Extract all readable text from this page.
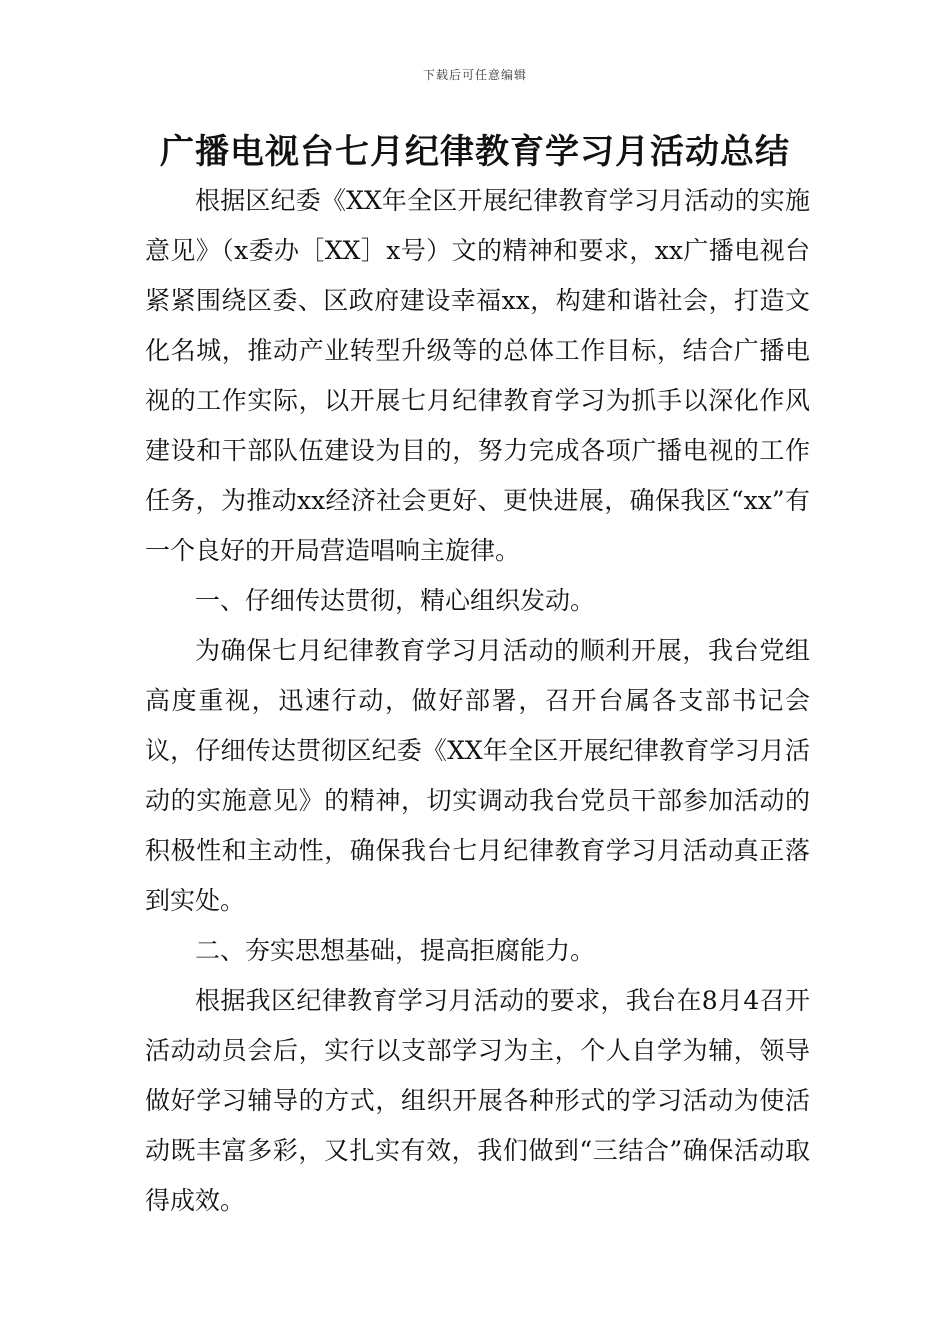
下载后可任意编辑
广播电视台七月纪律教育学习月活动总结

根据区纪委《XX年全区开展纪律教育学习月活动的实施意见》（x委办［XX］x号）文的精神和要求，xx广播电视台紧紧围绕区委、区政府建设幸福xx，构建和谐社会，打造文化名城，推动产业转型升级等的总体工作目标，结合广播电视的工作实际，以开展七月纪律教育学习为抓手以深化作风建设和干部队伍建设为目的，努力完成各项广播电视的工作任务，为推动xx经济社会更好、更快进展，确保我区“xx”有一个良好的开局营造唱响主旋律。

一、仔细传达贯彻，精心组织发动。

为确保七月纪律教育学习月活动的顺利开展，我台党组高度重视，迅速行动，做好部署，召开台属各支部书记会议，仔细传达贯彻区纪委《XX年全区开展纪律教育学习月活动的实施意见》的精神，切实调动我台党员干部参加活动的积极性和主动性，确保我台七月纪律教育学习月活动真正落到实处。

二、夯实思想基础，提高拒腐能力。

根据我区纪律教育学习月活动的要求，我台在8月4召开活动动员会后，实行以支部学习为主，个人自学为辅，领导做好学习辅导的方式，组织开展各种形式的学习活动为使活动既丰富多彩，又扎实有效，我们做到“三结合”确保活动取得成效。
